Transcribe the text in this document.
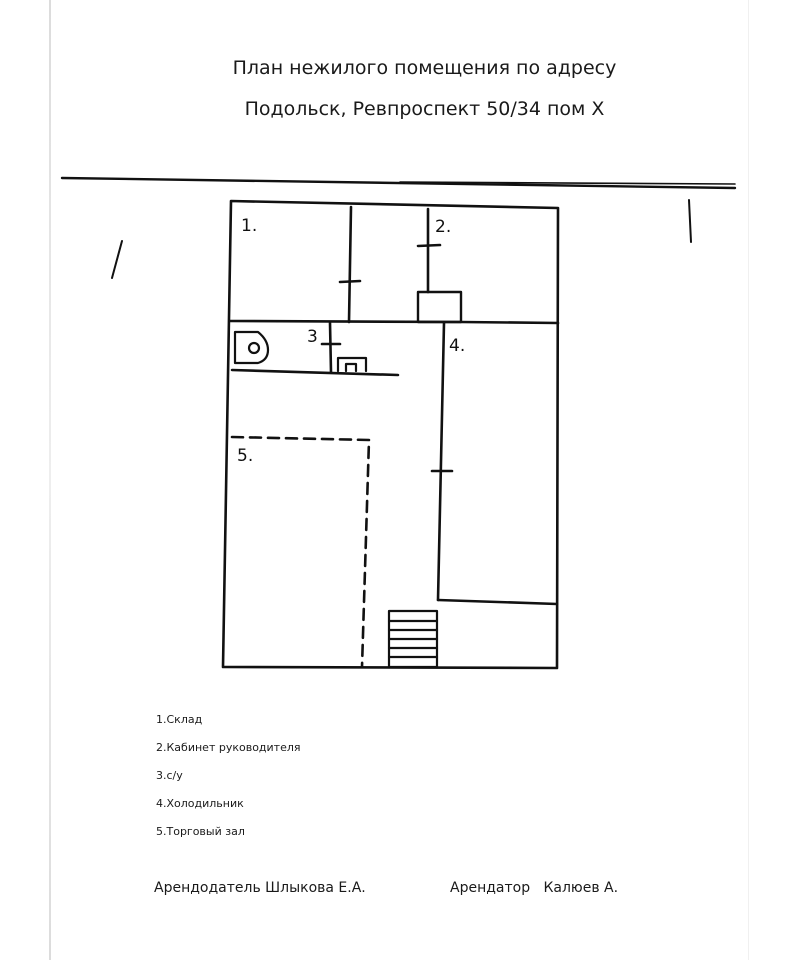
План нежилого помещения по адресу
Подольск, Ревпроспект 50/34 пом Х
1.	2.
3	4.
5.
1.Склад
2.Кабинет руководителя
3.с/у
4.Холодильник
5.Торговый зал
Арендодатель Шлыкова Е.А.	Арендатор   Калюев А.
